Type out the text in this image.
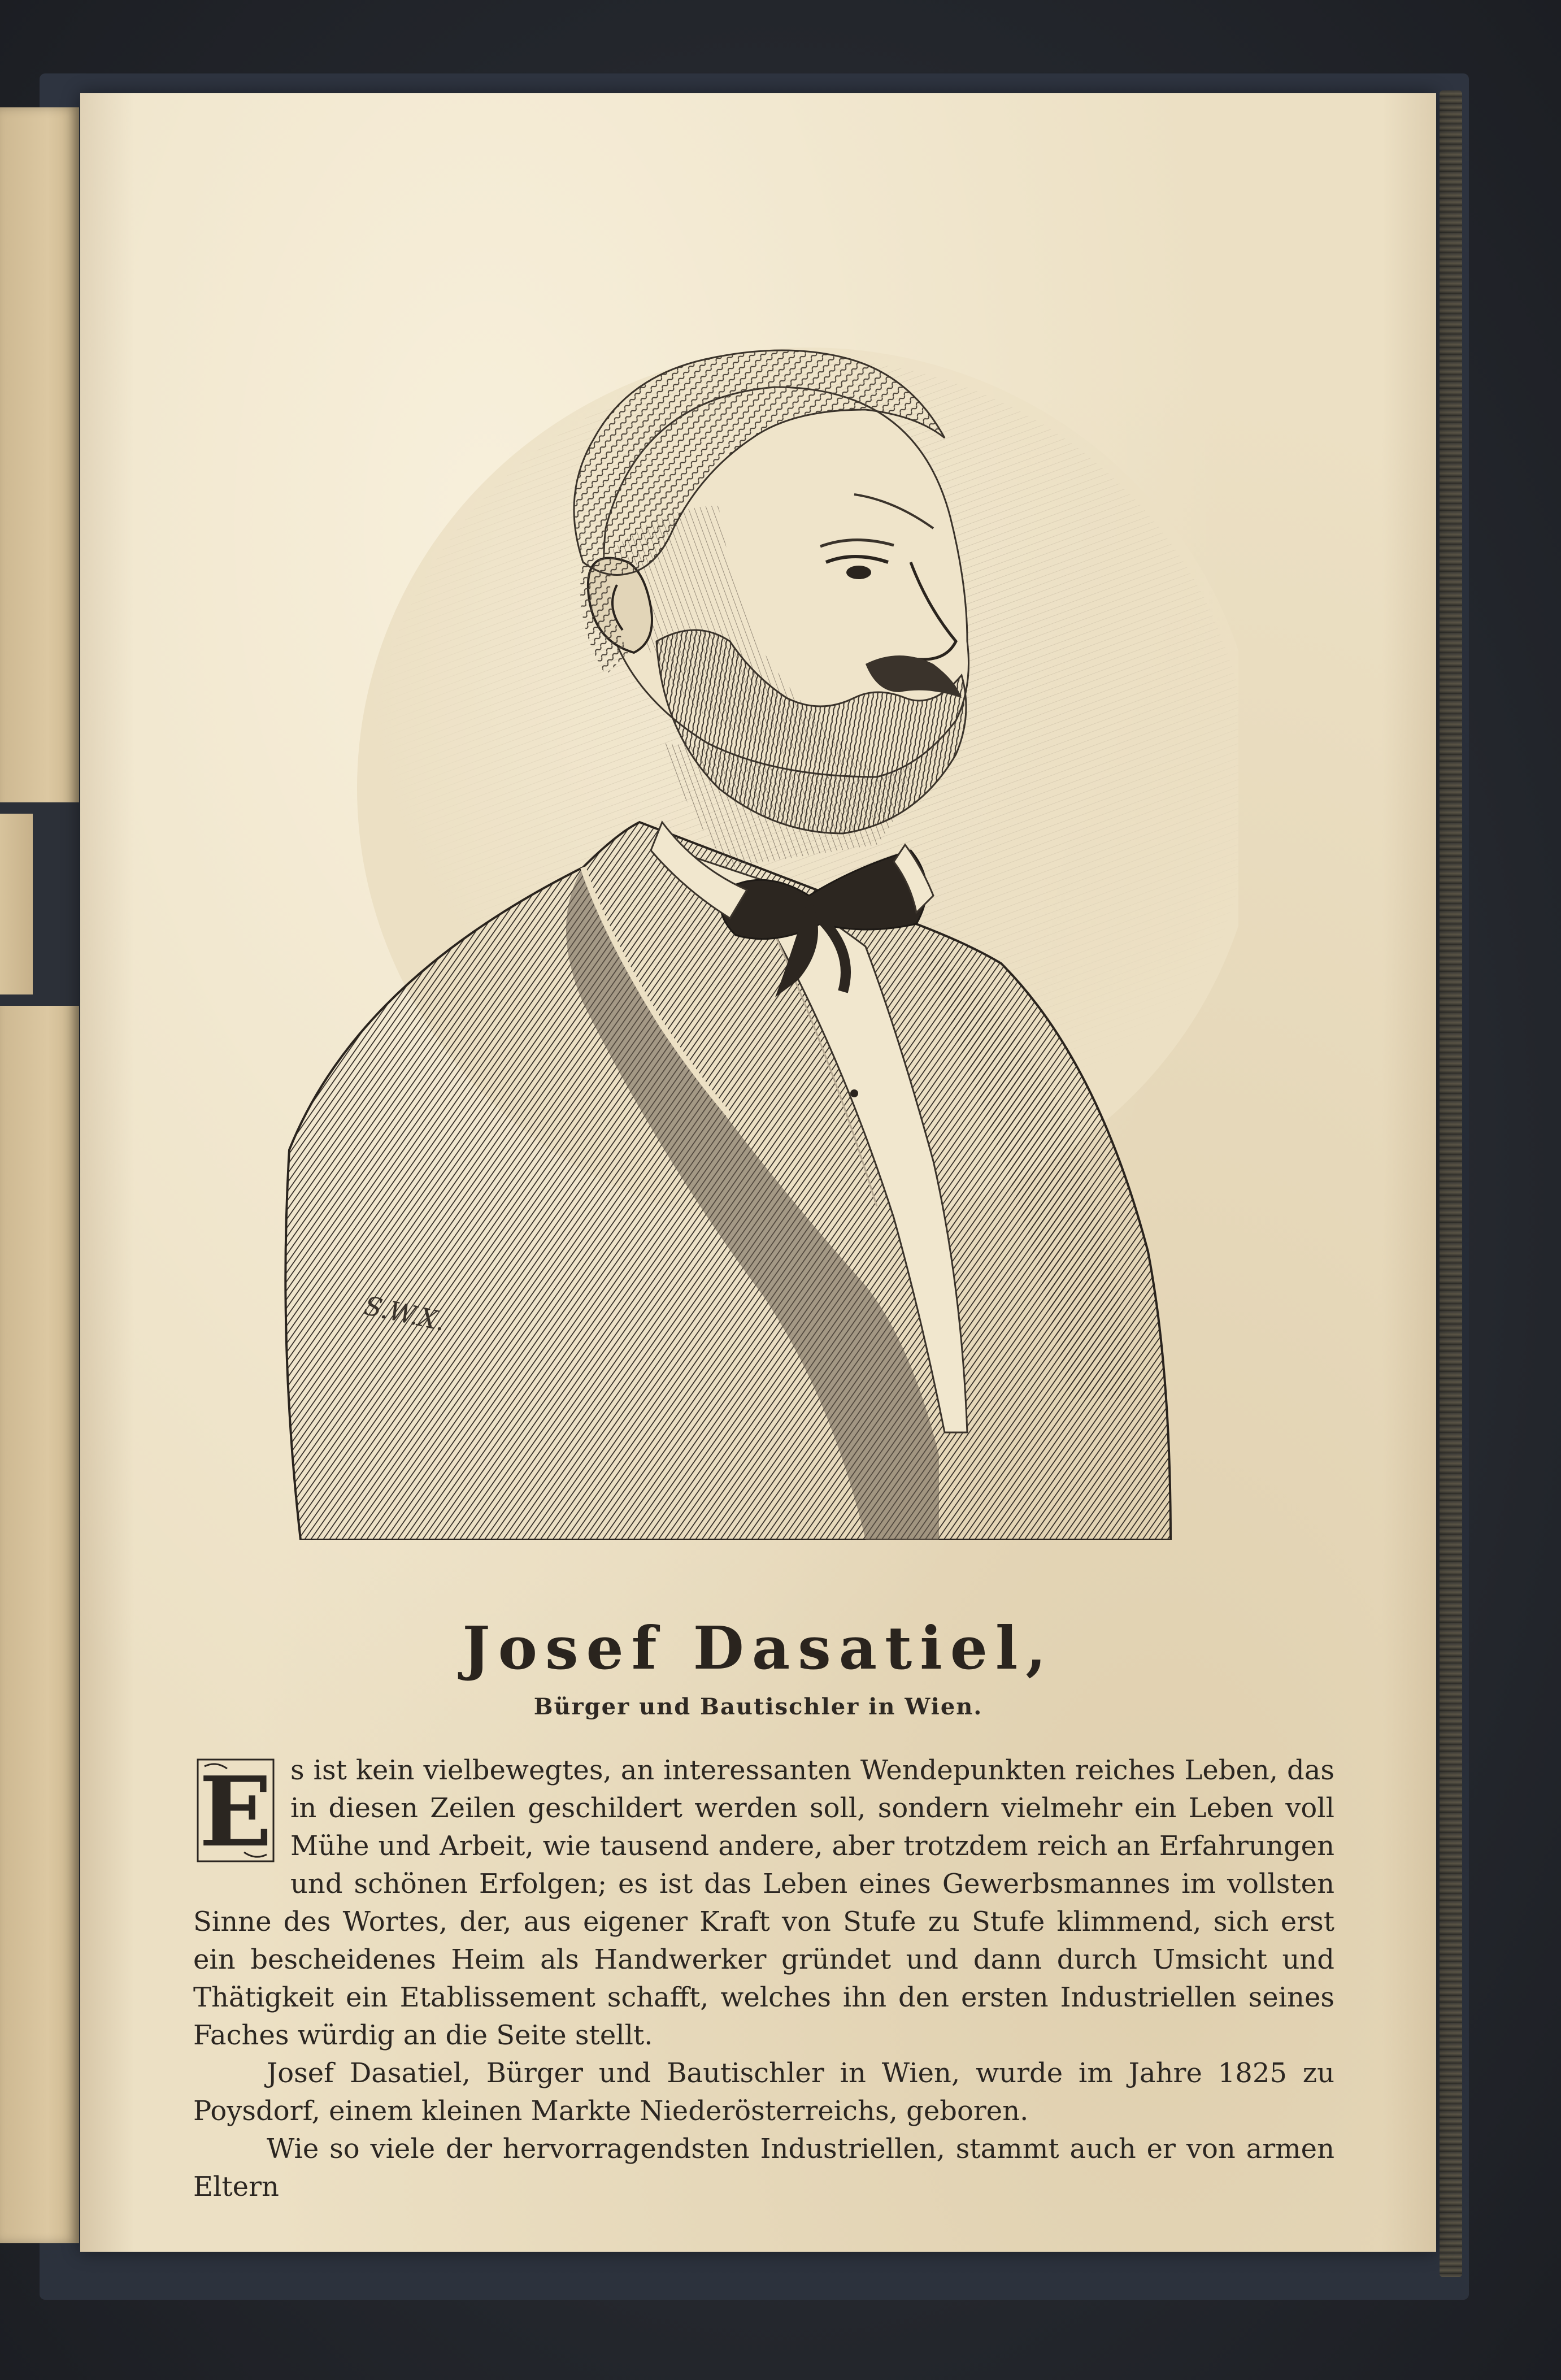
S.W.X.
Josef Dasatiel,
Bürger und Bautischler in Wien.

E s ist kein vielbewegtes, an interessanten Wendepunkten reiches Leben, das in diesen Zeilen geschildert werden soll, sondern vielmehr ein Leben voll Mühe und Arbeit, wie tausend andere, aber trotzdem reich an Erfahrungen und schönen Erfolgen; es ist das Leben eines Gewerbsmannes im vollsten Sinne des Wortes, der, aus eigener Kraft von Stufe zu Stufe klimmend, sich erst ein bescheidenes Heim als Handwerker gründet und dann durch Umsicht und Thätigkeit ein Etablissement schafft, welches ihn den ersten Industriellen seines Faches würdig an die Seite stellt.

Josef Dasatiel, Bürger und Bautischler in Wien, wurde im Jahre 1825 zu Poysdorf, einem kleinen Markte Niederösterreichs, geboren.

Wie so viele der hervorragendsten Industriellen, stammt auch er von armen Eltern
